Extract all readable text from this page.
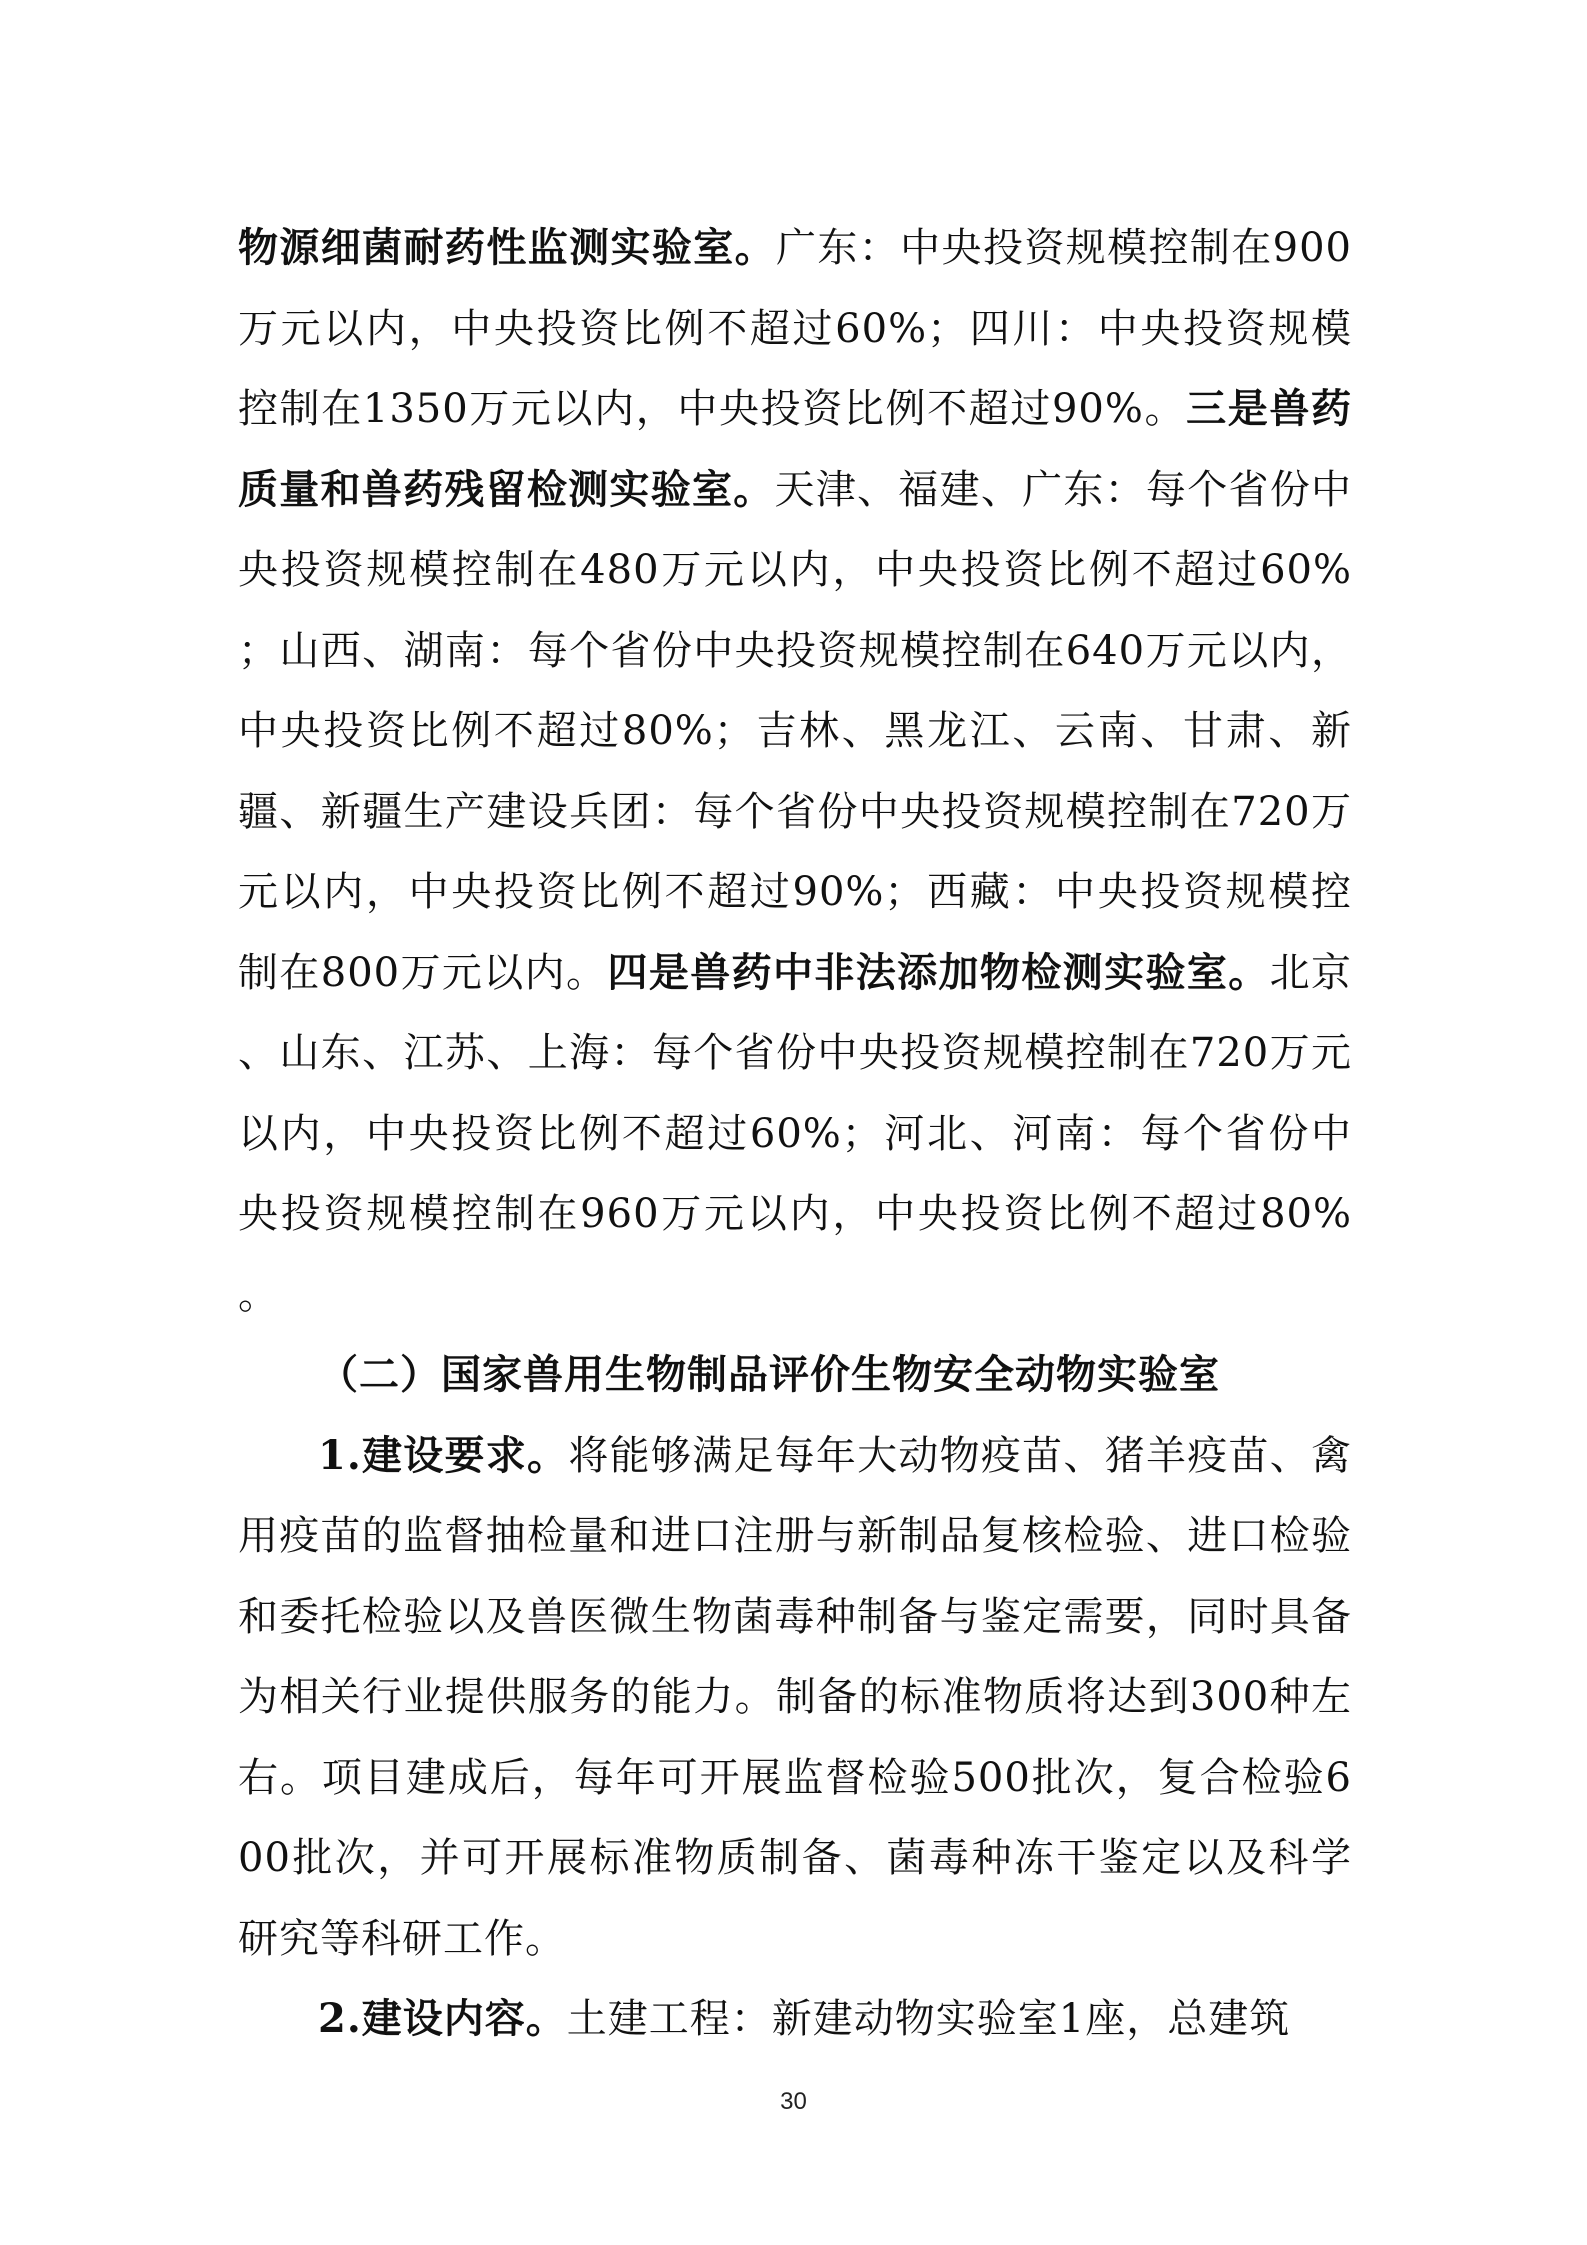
物源细菌耐药性监测实验室。广东：中央投资规模控制在900万元以内，中央投资比例不超过60%；四川：中央投资规模控制在1350万元以内，中央投资比例不超过90%。三是兽药质量和兽药残留检测实验室。天津、福建、广东：每个省份中央投资规模控制在480万元以内，中央投资比例不超过60%；山西、湖南：每个省份中央投资规模控制在640万元以内，中央投资比例不超过80%；吉林、黑龙江、云南、甘肃、新疆、新疆生产建设兵团：每个省份中央投资规模控制在720万元以内，中央投资比例不超过90%；西藏：中央投资规模控制在800万元以内。四是兽药中非法添加物检测实验室。北京、山东、江苏、上海：每个省份中央投资规模控制在720万元以内，中央投资比例不超过60%；河北、河南：每个省份中央投资规模控制在960万元以内，中央投资比例不超过80%。

（二）国家兽用生物制品评价生物安全动物实验室

1.建设要求。将能够满足每年大动物疫苗、猪羊疫苗、禽用疫苗的监督抽检量和进口注册与新制品复核检验、进口检验和委托检验以及兽医微生物菌毒种制备与鉴定需要，同时具备为相关行业提供服务的能力。制备的标准物质将达到300种左右。项目建成后，每年可开展监督检验500批次，复合检验600批次，并可开展标准物质制备、菌毒种冻干鉴定以及科学研究等科研工作。

2.建设内容。土建工程：新建动物实验室1座，总建筑

30
